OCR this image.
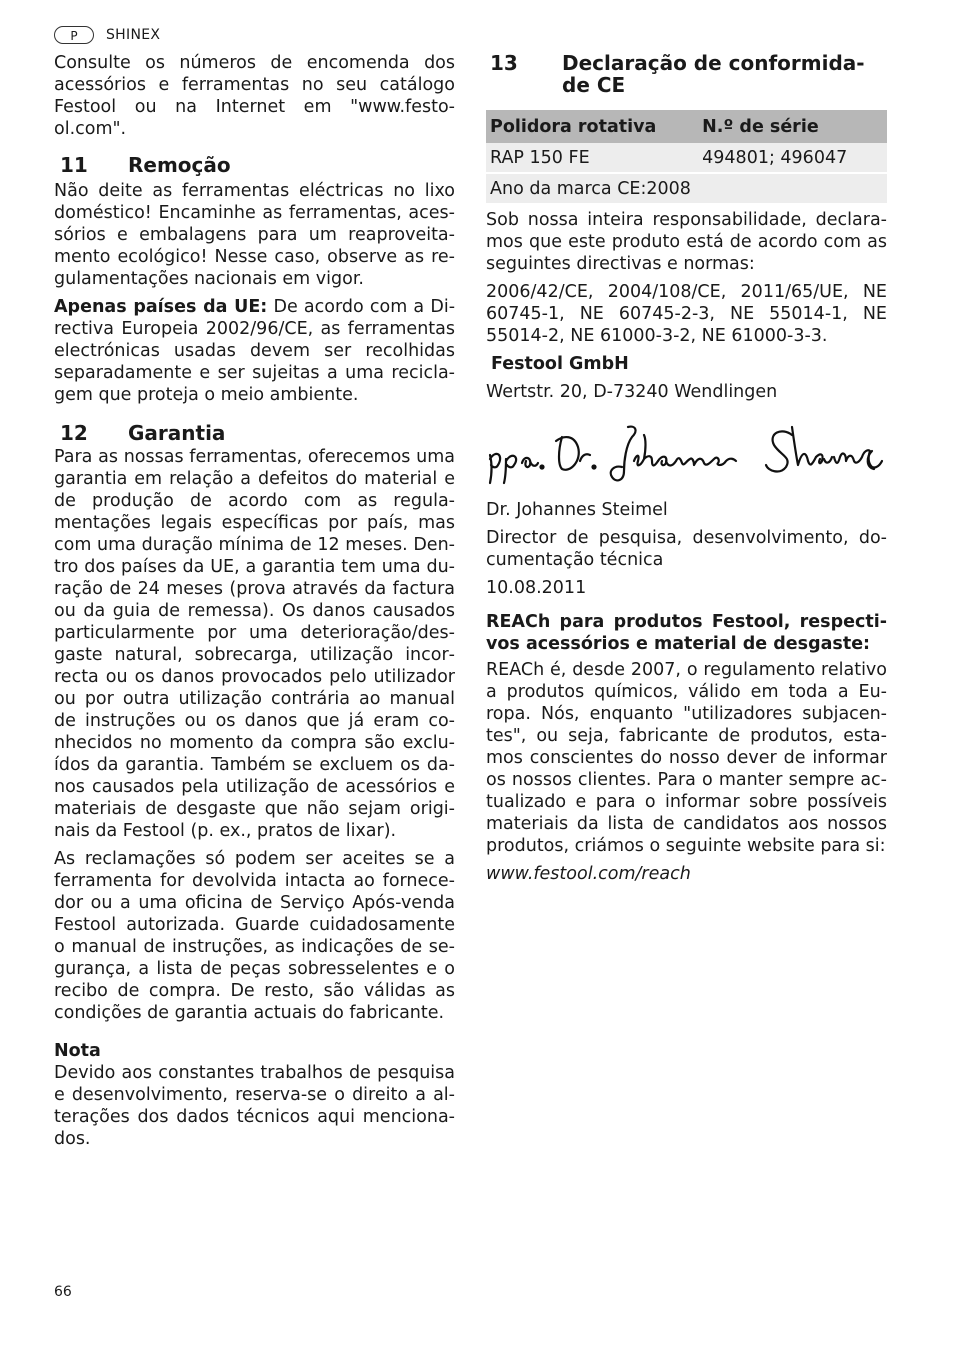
P	SHINEX

Consulte os números de encomenda dos acessórios e ferramentas no seu catálogo Festool ou na Internet em "www.festool.com".

11	Remoção

Não deite as ferramentas eléctricas no lixo doméstico! Encaminhe as ferramentas, acessórios e embalagens para um reaproveitamento ecológico! Nesse caso, observe as regulamentações nacionais em vigor.

Apenas países da UE: De acordo com a Directiva Europeia 2002/96/CE, as ferramentas electrónicas usadas devem ser recolhidas separadamente e ser sujeitas a uma reciclagem que proteja o meio ambiente.

12	Garantia

Para as nossas ferramentas, oferecemos uma garantia em relação a defeitos do material e de produção de acordo com as regulamentações legais específicas por país, mas com uma duração mínima de 12 meses. Dentro dos países da UE, a garantia tem uma duração de 24 meses (prova através da factura ou da guia de remessa). Os danos causados particularmente por uma deterioração/desgaste natural, sobrecarga, utilização incorrecta ou os danos provocados pelo utilizador ou por outra utilização contrária ao manual de instruções ou os danos que já eram conhecidos no momento da compra são excluídos da garantia. Também se excluem os danos causados pela utilização de acessórios e materiais de desgaste que não sejam originais da Festool (p. ex., pratos de lixar).

As reclamações só podem ser aceites se a ferramenta for devolvida intacta ao fornecedor ou a uma oficina de Serviço Após-venda Festool autorizada. Guarde cuidadosamente o manual de instruções, as indicações de segurança, a lista de peças sobresselentes e o recibo de compra. De resto, são válidas as condições de garantia actuais do fabricante.

Nota

Devido aos constantes trabalhos de pesquisa e desenvolvimento, reserva-se o direito a alterações dos dados técnicos aqui mencionados.

13	Declaração de conformida-
de CE
Polidora rotativa	N.º de série
RAP 150 FE	494801; 496047
Ano da marca CE:2008	

Sob nossa inteira responsabilidade, declaramos que este produto está de acordo com as seguintes directivas e normas:

2006/42/CE, 2004/108/CE, 2011/65/UE, NE 60745-1, NE 60745-2-3, NE 55014-1, NE 55014-2, NE 61000-3-2, NE 61000-3-3.

Festool GmbH

Wertstr. 20, D-73240 Wendlingen

Dr. Johannes Steimel

Director de pesquisa, desenvolvimento, documentação técnica

10.08.2011

REACh para produtos Festool, respectivos acessórios e material de desgaste:

REACh é, desde 2007, o regulamento relativo a produtos químicos, válido em toda a Europa. Nós, enquanto "utilizadores subjacentes", ou seja, fabricante de produtos, estamos conscientes do nosso dever de informar os nossos clientes. Para o manter sempre actualizado e para o informar sobre possíveis materiais da lista de candidatos aos nossos produtos, criámos o seguinte website para si:

www.festool.com/reach

66
